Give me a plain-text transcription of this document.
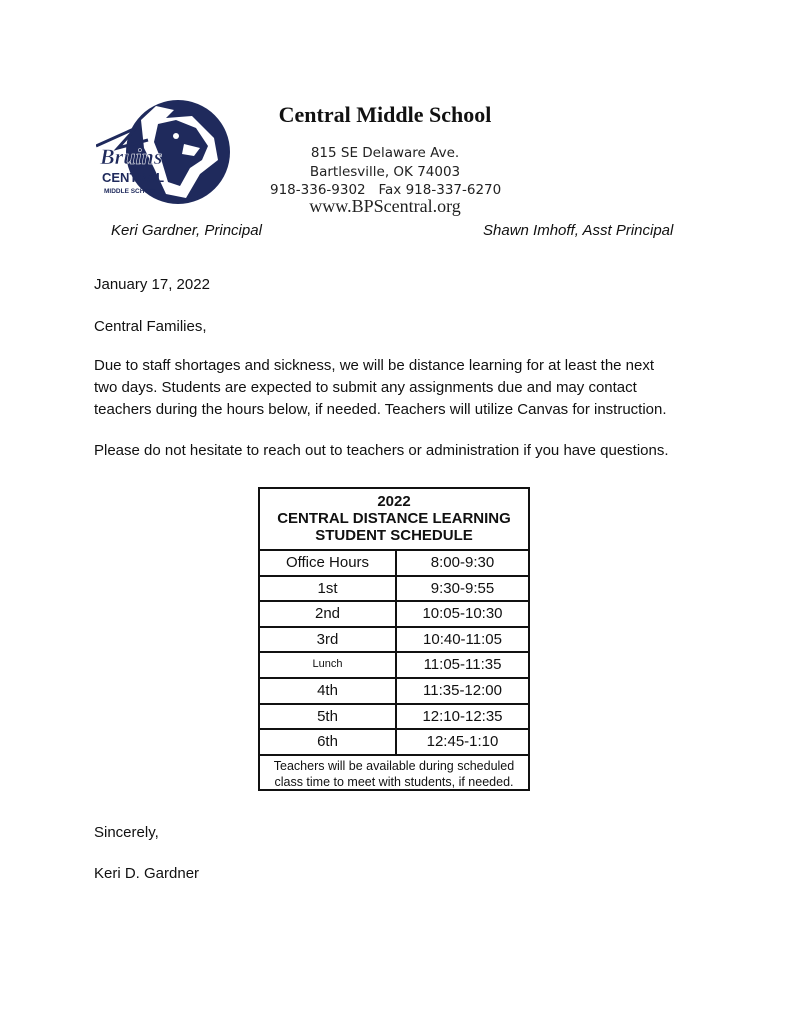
Bruins
CENTRAL
MIDDLE SCHOOL
Central Middle School
815 SE Delaware Ave.
Bartlesville, OK 74003
918-336-9302   Fax 918-337-6270
www.BPScentral.org
Keri Gardner, Principal	Shawn Imhoff, Asst Principal
January 17, 2022
Central Families,
Due to staff shortages and sickness, we will be distance learning for at least the next
two days. Students are expected to submit any assignments due and may contact
teachers during the hours below, if needed. Teachers will utilize Canvas for instruction.
Please do not hesitate to reach out to teachers or administration if you have questions.
2022
CENTRAL DISTANCE LEARNING
STUDENT SCHEDULE
Office Hours	8:00-9:30
1st	9:30-9:55
2nd	10:05-10:30
3rd	10:40-11:05
Lunch	11:05-11:35
4th	11:35-12:00
5th	12:10-12:35
6th	12:45-1:10
Teachers will be available during scheduled
class time to meet with students, if needed.
Sincerely,
Keri D. Gardner
